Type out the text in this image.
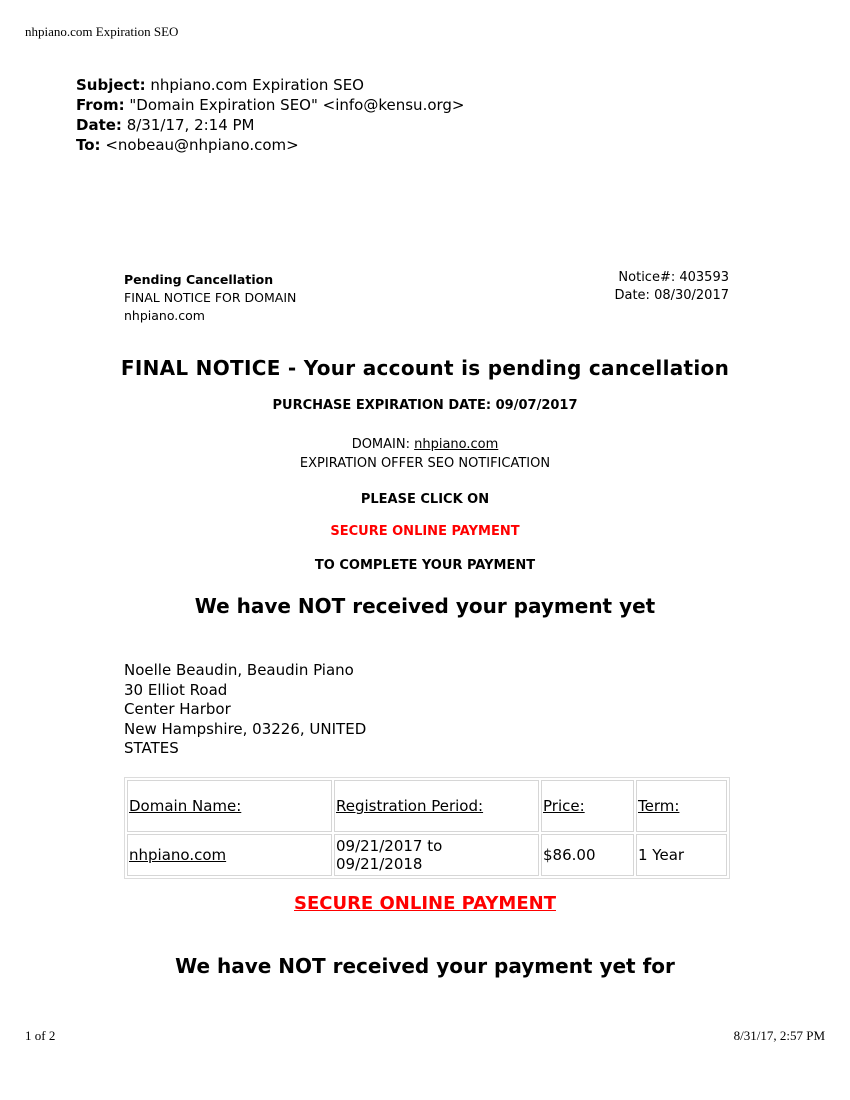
nhpiano.com Expiration SEO
Subject: nhpiano.com Expiration SEO
From: "Domain Expiration SEO" <info@kensu.org>
Date: 8/31/17, 2:14 PM
To: <nobeau@nhpiano.com>
Pending Cancellation
FINAL NOTICE FOR DOMAIN
nhpiano.com
Notice#: 403593
Date: 08/30/2017
FINAL NOTICE - Your account is pending cancellation
PURCHASE EXPIRATION DATE: 09/07/2017
DOMAIN: nhpiano.com
EXPIRATION OFFER SEO NOTIFICATION
PLEASE CLICK ON
SECURE ONLINE PAYMENT
TO COMPLETE YOUR PAYMENT
We have NOT received your payment yet
Noelle Beaudin, Beaudin Piano
30 Elliot Road
Center Harbor
New Hampshire, 03226, UNITED
STATES
Domain Name:	Registration Period:	Price:	Term:
nhpiano.com	09/21/2017 to
09/21/2018	$86.00	1 Year
SECURE ONLINE PAYMENT
We have NOT received your payment yet for
1 of 2	8/31/17, 2:57 PM
